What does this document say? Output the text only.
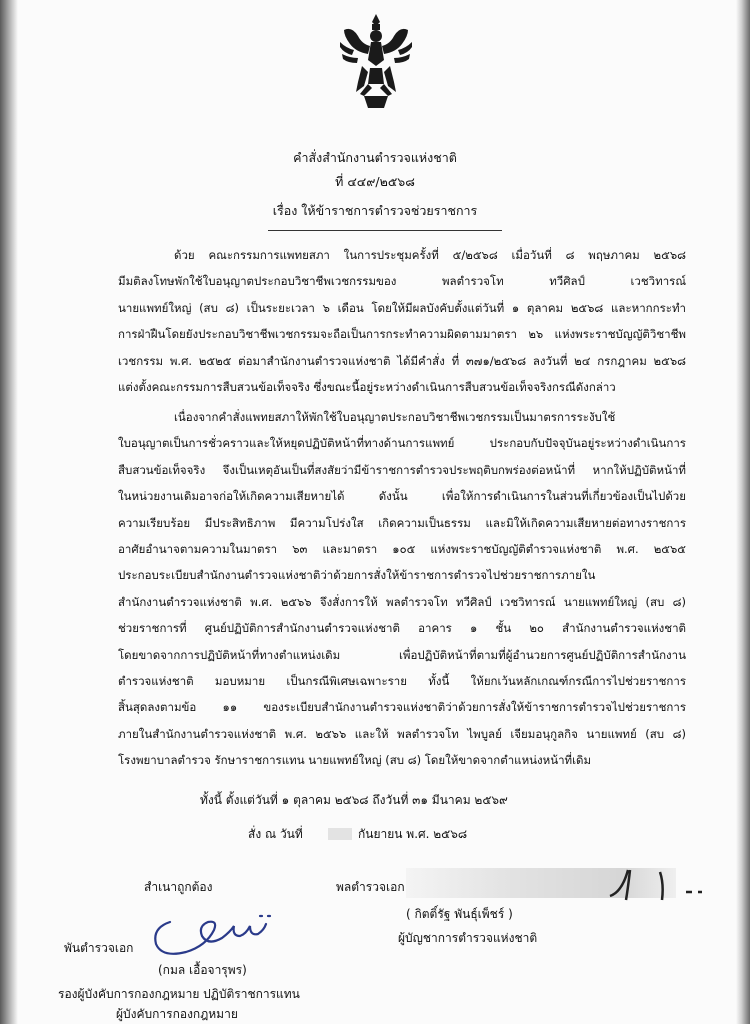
คำสั่งสำนักงานตำรวจแห่งชาติ
ที่ ๔๔๙/๒๕๖๘
เรื่อง ให้ข้าราชการตำรวจช่วยราชการ
ด้วย คณะกรรมการแพทยสภา ในการประชุมครั้งที่ ๕/๒๕๖๘ เมื่อวันที่ ๘ พฤษภาคม ๒๕๖๘
มีมติลงโทษพักใช้ใบอนุญาตประกอบวิชาชีพเวชกรรมของ พลตำรวจโท ทวีศิลป์ เวชวิทารณ์
นายแพทย์ใหญ่ (สบ ๘) เป็นระยะเวลา ๖ เดือน โดยให้มีผลบังคับตั้งแต่วันที่ ๑ ตุลาคม ๒๕๖๘ และหากกระทำ
การฝ่าฝืนโดยยังประกอบวิชาชีพเวชกรรมจะถือเป็นการกระทำความผิดตามมาตรา ๒๖ แห่งพระราชบัญญัติวิชาชีพ
เวชกรรม พ.ศ. ๒๕๒๕ ต่อมาสำนักงานตำรวจแห่งชาติ ได้มีคำสั่ง ที่ ๓๗๑/๒๕๖๘ ลงวันที่ ๒๔ กรกฎาคม ๒๕๖๘
แต่งตั้งคณะกรรมการสืบสวนข้อเท็จจริง ซึ่งขณะนี้อยู่ระหว่างดำเนินการสืบสวนข้อเท็จจริงกรณีดังกล่าว
เนื่องจากคำสั่งแพทยสภาให้พักใช้ใบอนุญาตประกอบวิชาชีพเวชกรรมเป็นมาตรการระงับใช้
ใบอนุญาตเป็นการชั่วคราวและให้หยุดปฏิบัติหน้าที่ทางด้านการแพทย์ ประกอบกับปัจจุบันอยู่ระหว่างดำเนินการ
สืบสวนข้อเท็จจริง จึงเป็นเหตุอันเป็นที่สงสัยว่ามีข้าราชการตำรวจประพฤติบกพร่องต่อหน้าที่ หากให้ปฏิบัติหน้าที่
ในหน่วยงานเดิมอาจก่อให้เกิดความเสียหายได้ ดังนั้น เพื่อให้การดำเนินการในส่วนที่เกี่ยวข้องเป็นไปด้วย
ความเรียบร้อย มีประสิทธิภาพ มีความโปร่งใส เกิดความเป็นธรรม และมิให้เกิดความเสียหายต่อทางราชการ
อาศัยอำนาจตามความในมาตรา ๖๓ และมาตรา ๑๐๕ แห่งพระราชบัญญัติตำรวจแห่งชาติ พ.ศ. ๒๕๖๕
ประกอบระเบียบสำนักงานตำรวจแห่งชาติว่าด้วยการสั่งให้ข้าราชการตำรวจไปช่วยราชการภายใน
สำนักงานตำรวจแห่งชาติ พ.ศ. ๒๕๖๖ จึงสั่งการให้ พลตำรวจโท ทวีศิลป์ เวชวิทารณ์ นายแพทย์ใหญ่ (สบ ๘)
ช่วยราชการที่ ศูนย์ปฏิบัติการสำนักงานตำรวจแห่งชาติ อาคาร ๑ ชั้น ๒๐ สำนักงานตำรวจแห่งชาติ
โดยขาดจากการปฏิบัติหน้าที่ทางตำแหน่งเดิม เพื่อปฏิบัติหน้าที่ตามที่ผู้อำนวยการศูนย์ปฏิบัติการสำนักงาน
ตำรวจแห่งชาติ มอบหมาย เป็นกรณีพิเศษเฉพาะราย ทั้งนี้ ให้ยกเว้นหลักเกณฑ์กรณีการไปช่วยราชการ
สิ้นสุดลงตามข้อ ๑๑ ของระเบียบสำนักงานตำรวจแห่งชาติว่าด้วยการสั่งให้ข้าราชการตำรวจไปช่วยราชการ
ภายในสำนักงานตำรวจแห่งชาติ พ.ศ. ๒๕๖๖ และให้ พลตำรวจโท ไพบูลย์ เจียมอนุกูลกิจ นายแพทย์ (สบ ๘)
โรงพยาบาลตำรวจ รักษาราชการแทน นายแพทย์ใหญ่ (สบ ๘) โดยให้ขาดจากตำแหน่งหน้าที่เดิม
ทั้งนี้ ตั้งแต่วันที่ ๑ ตุลาคม ๒๕๖๘ ถึงวันที่ ๓๑ มีนาคม ๒๕๖๙
สั่ง ณ วันที่	กันยายน พ.ศ. ๒๕๖๘
พลตำรวจเอก
( กิตติ์รัฐ พันธุ์เพ็ชร์ )
ผู้บัญชาการตำรวจแห่งชาติ
สำเนาถูกต้อง
พันตำรวจเอก
(กมล เอื้อจารุพร)
รองผู้บังคับการกองกฎหมาย ปฏิบัติราชการแทน
ผู้บังคับการกองกฎหมาย
